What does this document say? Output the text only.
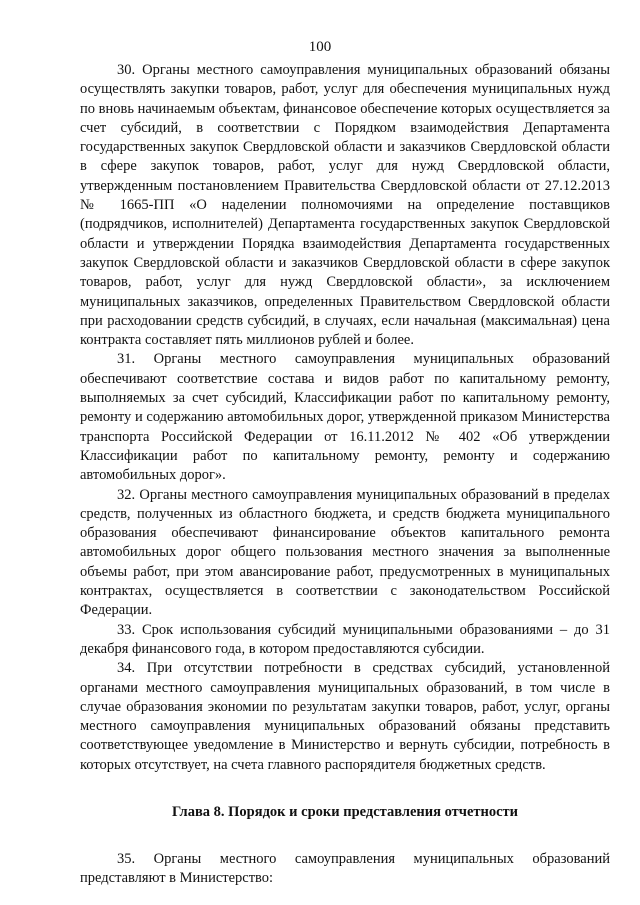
100

30. Органы местного самоуправления муниципальных образований обязаны осуществлять закупки товаров, работ, услуг для обеспечения муниципальных нужд по вновь начинаемым объектам, финансовое обеспечение которых осуществляется за счет субсидий, в соответствии с Порядком взаимодействия Департамента государственных закупок Свердловской области и заказчиков Свердловской области в сфере закупок товаров, работ, услуг для нужд Свердловской области, утвержденным постановлением Правительства Свердловской области от 27.12.2013 № 1665-ПП «О наделении полномочиями на определение поставщиков (подрядчиков, исполнителей) Департамента государственных закупок Свердловской области и утверждении Порядка взаимодействия Департамента государственных закупок Свердловской области и заказчиков Свердловской области в сфере закупок товаров, работ, услуг для нужд Свердловской области», за исключением муниципальных заказчиков, определенных Правительством Свердловской области при расходовании средств субсидий, в случаях, если начальная (максимальная) цена контракта составляет пять миллионов рублей и более.

31. Органы местного самоуправления муниципальных образований обеспечивают соответствие состава и видов работ по капитальному ремонту, выполняемых за счет субсидий, Классификации работ по капитальному ремонту, ремонту и содержанию автомобильных дорог, утвержденной приказом Министерства транспорта Российской Федерации от 16.11.2012 № 402 «Об утверждении Классификации работ по капитальному ремонту, ремонту и содержанию автомобильных дорог».

32. Органы местного самоуправления муниципальных образований в пределах средств, полученных из областного бюджета, и средств бюджета муниципального образования обеспечивают финансирование объектов капитального ремонта автомобильных дорог общего пользования местного значения за выполненные объемы работ, при этом авансирование работ, предусмотренных в муниципальных контрактах, осуществляется в соответствии с законодательством Российской Федерации.

33. Срок использования субсидий муниципальными образованиями – до 31 декабря финансового года, в котором предоставляются субсидии.

34. При отсутствии потребности в средствах субсидий, установленной органами местного самоуправления муниципальных образований, в том числе в случае образования экономии по результатам закупки товаров, работ, услуг, органы местного самоуправления муниципальных образований обязаны представить соответствующее уведомление в Министерство и вернуть субсидии, потребность в которых отсутствует, на счета главного распорядителя бюджетных средств.

Глава 8. Порядок и сроки представления отчетности

35. Органы местного самоуправления муниципальных образований представляют в Министерство:
